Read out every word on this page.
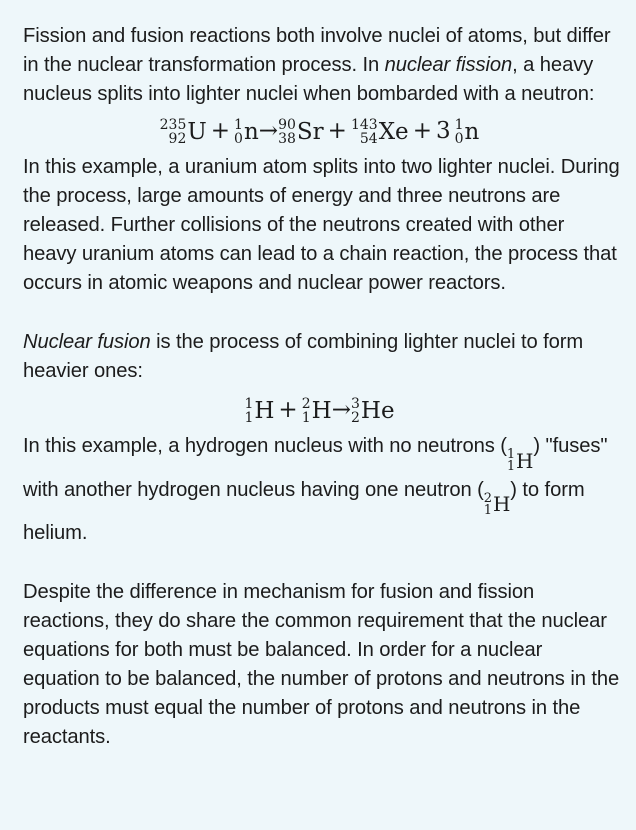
Fission and fusion reactions both involve nuclei of atoms, but differ in the nuclear transformation process. In nuclear fission, a heavy nucleus splits into lighter nuclei when bombarded with a neutron:

235
92 U + 1
0 n → 90
38 Sr + 143
54 Xe + 3 1
0 n

In this example, a uranium atom splits into two lighter nuclei. During the process, large amounts of energy and three neutrons are released. Further collisions of the neutrons created with other heavy uranium atoms can lead to a chain reaction, the process that occurs in atomic weapons and nuclear power reactors.

Nuclear fusion is the process of combining lighter nuclei to form heavier ones:

1
1 H + 2
1 H → 3
2 He

In this example, a hydrogen nucleus with no neutrons ( 1
1 H
) "fuses" with another hydrogen nucleus having one neutron ( 2
1 H
) to form helium.

Despite the difference in mechanism for fusion and fission reactions, they do share the common requirement that the nuclear equations for both must be balanced. In order for a nuclear equation to be balanced, the number of protons and neutrons in the products must equal the number of protons and neutrons in the reactants.
